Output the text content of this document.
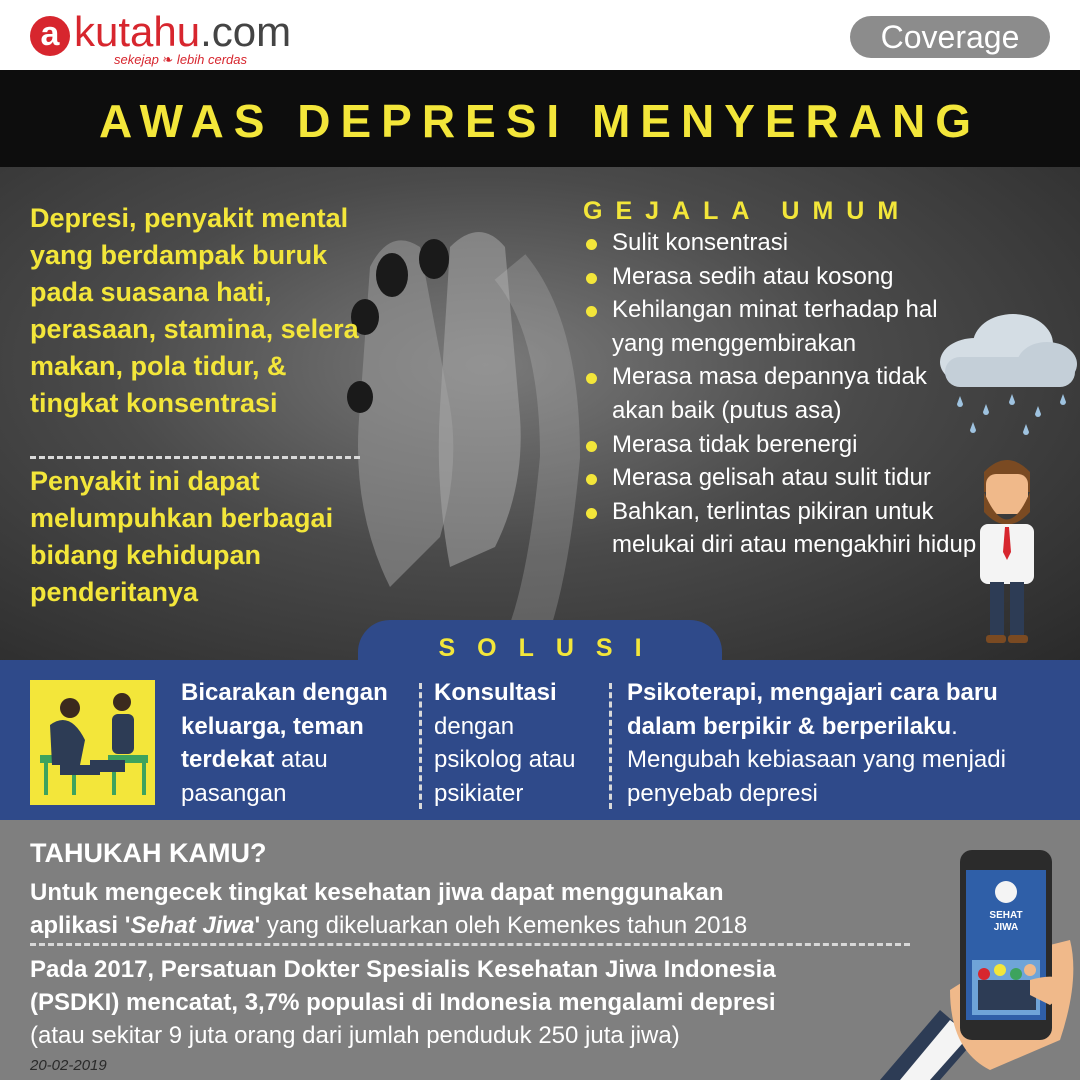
a kutahu.com
sekejap ❧ lebih cerdas
Coverage
AWAS DEPRESI MENYERANG
Depresi, penyakit mental yang berdampak buruk pada suasana hati, perasaan, stamina, selera makan, pola tidur, & tingkat konsentrasi
Penyakit ini dapat melumpuhkan berbagai bidang kehidupan penderitanya
GEJALA UMUM
Sulit konsentrasi
Merasa sedih atau kosong
Kehilangan minat terhadap hal yang menggembirakan
Merasa masa depannya tidak akan baik (putus asa)
Merasa tidak berenergi
Merasa gelisah atau sulit tidur
Bahkan, terlintas pikiran untuk melukai diri atau mengakhiri hidup
SOLUSI
Bicarakan dengan keluarga, teman terdekat atau pasangan
Konsultasi dengan psikolog atau psikiater
Psikoterapi, mengajari cara baru dalam berpikir & berperilaku. Mengubah kebiasaan yang menjadi penyebab depresi
TAHUKAH KAMU?
Untuk mengecek tingkat kesehatan jiwa dapat menggunakan
aplikasi 'Sehat Jiwa' yang dikeluarkan oleh Kemenkes tahun 2018
Pada 2017, Persatuan Dokter Spesialis Kesehatan Jiwa Indonesia
(PSDKI) mencatat, 3,7% populasi di Indonesia mengalami depresi
(atau sekitar 9 juta orang dari jumlah penduduk 250 juta jiwa)
20-02-2019
SEHAT
JIWA
